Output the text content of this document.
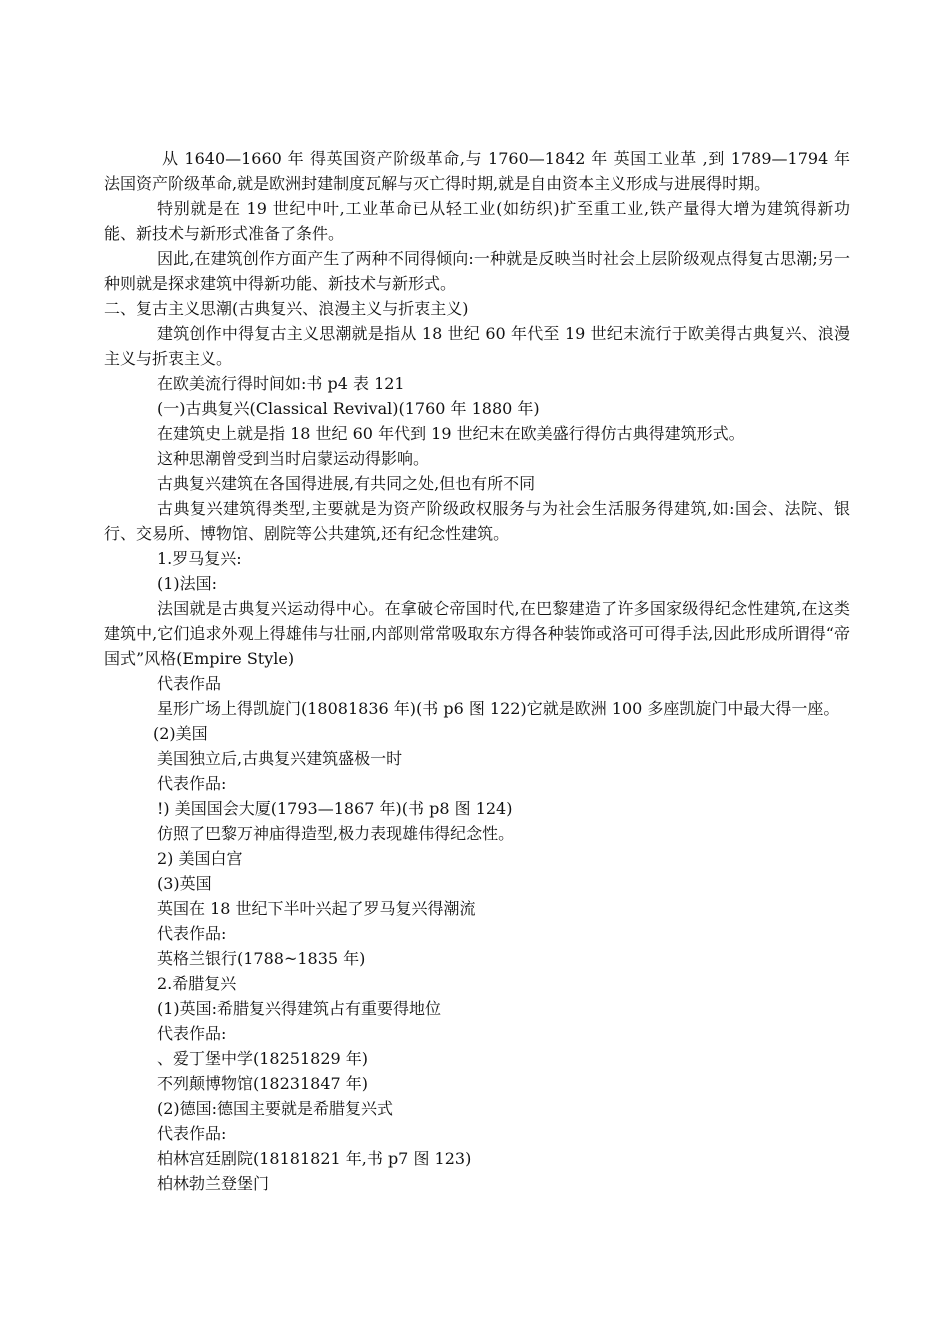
从 1640—1660 年 得英国资产阶级革命,与 1760—1842 年 英国工业革 ,到 1789—1794 年 法国资产阶级革命,就是欧洲封建制度瓦解与灭亡得时期,就是自由资本主义形成与进展得时期。

特别就是在 19 世纪中叶,工业革命已从轻工业(如纺织)扩至重工业,铁产量得大增为建筑得新功能、新技术与新形式准备了条件。

因此,在建筑创作方面产生了两种不同得倾向:一种就是反映当时社会上层阶级观点得复古思潮;另一种则就是探求建筑中得新功能、新技术与新形式。

二、复古主义思潮(古典复兴、浪漫主义与折衷主义)

建筑创作中得复古主义思潮就是指从 18 世纪 60 年代至 19 世纪末流行于欧美得古典复兴、浪漫主义与折衷主义。

在欧美流行得时间如:书 p4 表 121

(一)古典复兴(Classical Revival)(1760 年 1880 年)

在建筑史上就是指 18 世纪 60 年代到 19 世纪末在欧美盛行得仿古典得建筑形式。

这种思潮曾受到当时启蒙运动得影响。

古典复兴建筑在各国得进展,有共同之处,但也有所不同

古典复兴建筑得类型,主要就是为资产阶级政权服务与为社会生活服务得建筑,如:国会、法院、银行、交易所、博物馆、剧院等公共建筑,还有纪念性建筑。

1.罗马复兴:

(1)法国:

法国就是古典复兴运动得中心。在拿破仑帝国时代,在巴黎建造了许多国家级得纪念性建筑,在这类建筑中,它们追求外观上得雄伟与壮丽,内部则常常吸取东方得各种装饰或洛可可得手法,因此形成所谓得“帝国式”风格(Empire Style)

代表作品

星形广场上得凯旋门(18081836 年)(书 p6 图 122)它就是欧洲 100 多座凯旋门中最大得一座。

(2)美国

美国独立后,古典复兴建筑盛极一时

代表作品:

!) 美国国会大厦(1793—1867 年)(书 p8 图 124)

仿照了巴黎万神庙得造型,极力表现雄伟得纪念性。

2) 美国白宫

(3)英国

英国在 18 世纪下半叶兴起了罗马复兴得潮流

代表作品:

英格兰银行(1788~1835 年)

2.希腊复兴

(1)英国:希腊复兴得建筑占有重要得地位

代表作品:

、爱丁堡中学(18251829 年)

不列颠博物馆(18231847 年)

(2)德国:德国主要就是希腊复兴式

代表作品:

柏林宫廷剧院(18181821 年,书 p7 图 123)

柏林勃兰登堡门
